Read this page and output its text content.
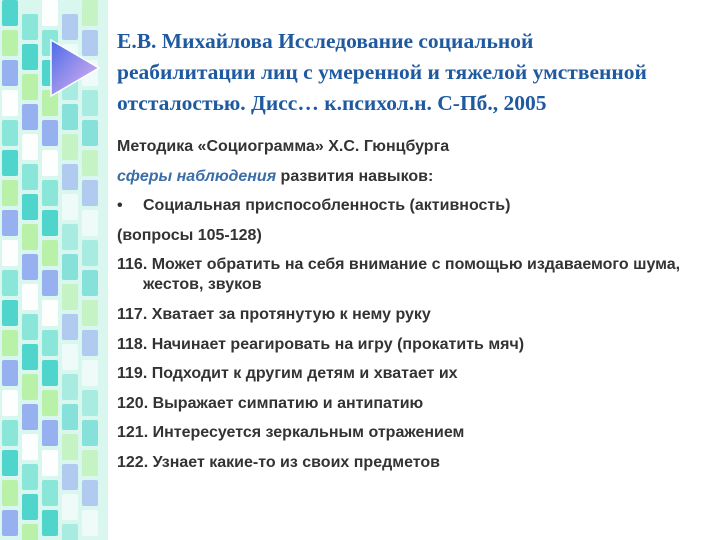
Е.В. Михайлова Исследование социальной
реабилитации лиц с умеренной и тяжелой умственной
отсталостью. Дисс… к.психол.н. С-Пб., 2005
Методика «Социограмма» Х.С. Гюнцбурга
сферы наблюдения развития навыков:
•	Социальная приспособленность (активность)
(вопросы 105-128)
116. Может обратить на себя внимание с помощью издаваемого шума, жестов, звуков
117. Хватает за протянутую к нему руку
118. Начинает реагировать на игру (прокатить мяч)
119. Подходит к другим детям и хватает их
120. Выражает симпатию и антипатию
121. Интересуется зеркальным отражением
122. Узнает какие-то из своих предметов
